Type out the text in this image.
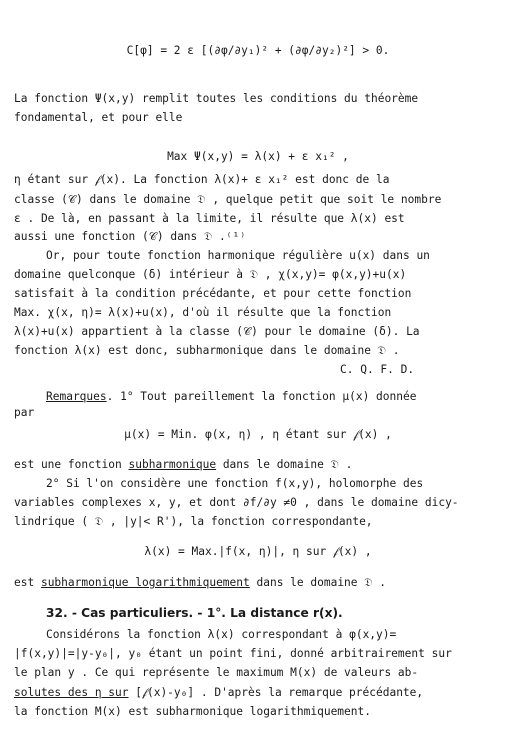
C[φ] = 2 ε [(∂φ/∂y₁)² + (∂φ/∂y₂)²] > 0.
La fonction Ψ(x,y) remplit toutes les conditions du théorème
fondamental, et pour elle
Max Ψ(x,y) = λ(x) + ε x₁² ,
η étant sur 𝒻(x). La fonction λ(x)+ ε x₁² est donc de la
classe (𝒞) dans le domaine 𝔇 , quelque petit que soit le nombre
ε . De là, en passant à la limite, il résulte que λ(x) est
aussi une fonction (𝒞) dans 𝔇 .⁽¹⁾
Or, pour toute fonction harmonique régulière u(x) dans un
domaine quelconque (δ) intérieur à 𝔇 , χ(x,y)= φ(x,y)+u(x)
satisfait à la condition précédante, et pour cette fonction
Max. χ(x, η)= λ(x)+u(x), d'où il résulte que la fonction
λ(x)+u(x) appartient à la classe (𝒞) pour le domaine (δ). La
fonction λ(x) est donc, subharmonique dans le domaine 𝔇 .
C. Q. F. D.
Remarques. 1° Tout pareillement la fonction μ(x) donnée
par
μ(x) = Min. φ(x, η) , η étant sur 𝒻(x) ,
est une fonction subharmonique dans le domaine 𝔇 .
2° Si l'on considère une fonction f(x,y), holomorphe des
variables complexes x, y, et dont ∂f/∂y ≠0 , dans le domaine dicy-
lindrique ( 𝔇 , |y|< R'), la fonction correspondante,
λ(x) = Max.|f(x, η)|, η sur 𝒻(x) ,
est subharmonique logarithmiquement dans le domaine 𝔇 .
32. - Cas particuliers. - 1°. La distance r(x).
Considérons la fonction λ(x) correspondant à φ(x,y)=
|f(x,y)|=|y-y₀|, y₀ étant un point fini, donné arbitrairement sur
le plan y . Ce qui représente le maximum M(x) de valeurs ab-
solutes des η sur [𝒻(x)-y₀] . D'après la remarque précédante,
la fonction M(x) est subharmonique logarithmiquement.
